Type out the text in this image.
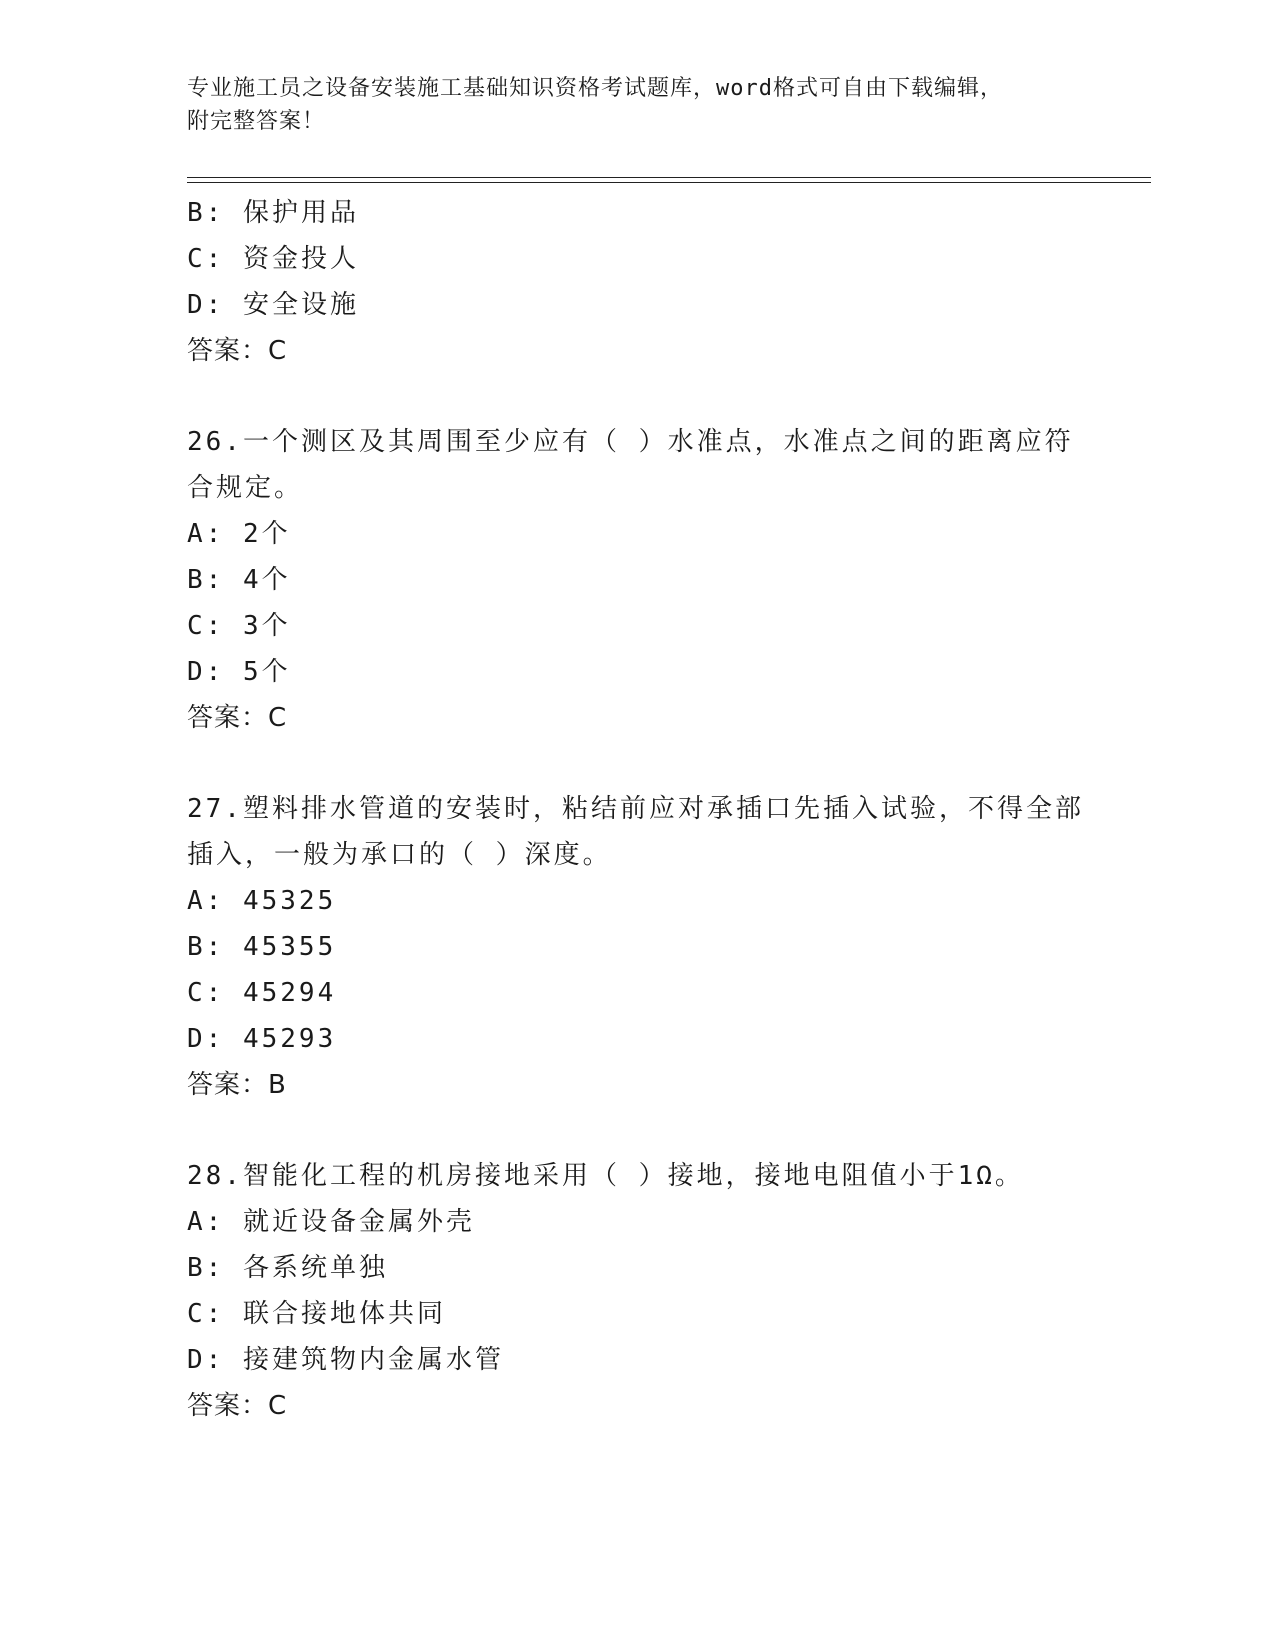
专业施工员之设备安装施工基础知识资格考试题库，word格式可自由下载编辑，
附完整答案！
B: 保护用品
C: 资金投人
D: 安全设施
答案：C
26.一个测区及其周围至少应有（ ）水准点，水准点之间的距离应符
合规定。
A: 2个
B: 4个
C: 3个
D: 5个
答案：C
27.塑料排水管道的安装时，粘结前应对承插口先插入试验，不得全部
插入，一般为承口的（ ）深度。
A: 45325
B: 45355
C: 45294
D: 45293
答案：B
28.智能化工程的机房接地采用（ ）接地，接地电阻值小于1Ω。
A: 就近设备金属外壳
B: 各系统单独
C: 联合接地体共同
D: 接建筑物内金属水管
答案：C
